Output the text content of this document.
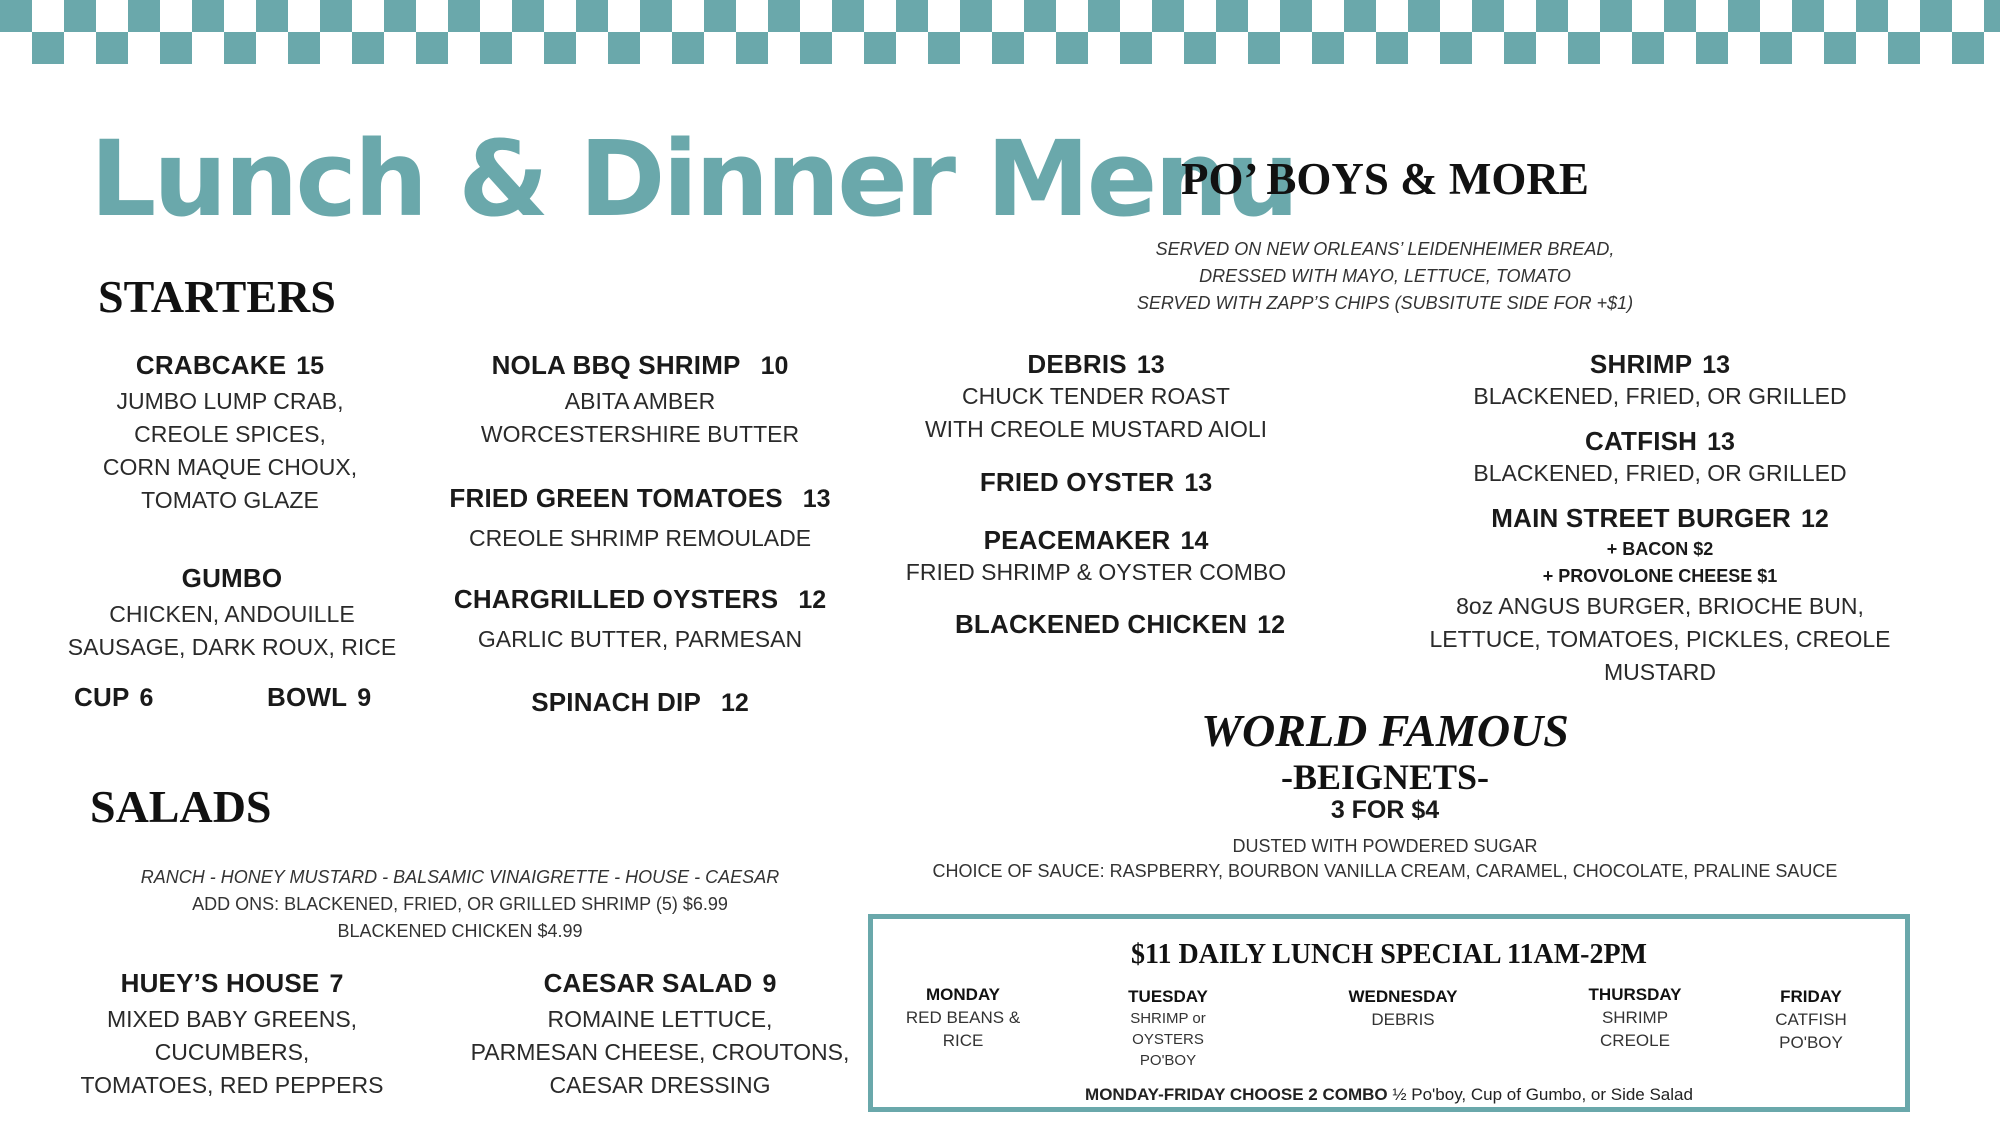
Lunch & Dinner Menu
STARTERS
CRABCAKE 15
JUMBO LUMP CRAB,
CREOLE SPICES,
CORN MAQUE CHOUX,
TOMATO GLAZE
GUMBO
CHICKEN, ANDOUILLE
SAUSAGE, DARK ROUX, RICE
CUP 6	BOWL 9
NOLA BBQ SHRIMP 10
ABITA AMBER
WORCESTERSHIRE BUTTER
FRIED GREEN TOMATOES 13
CREOLE SHRIMP REMOULADE
CHARGRILLED OYSTERS 12
GARLIC BUTTER, PARMESAN
SPINACH DIP 12
PO’ BOYS & MORE
SERVED ON NEW ORLEANS’ LEIDENHEIMER BREAD,
DRESSED WITH MAYO, LETTUCE, TOMATO
SERVED WITH ZAPP’S CHIPS (SUBSITUTE SIDE FOR +$1)
DEBRIS 13
CHUCK TENDER ROAST
WITH CREOLE MUSTARD AIOLI
FRIED OYSTER 13
PEACEMAKER 14
FRIED SHRIMP & OYSTER COMBO
BLACKENED CHICKEN 12
SHRIMP 13
BLACKENED, FRIED, OR GRILLED
CATFISH 13
BLACKENED, FRIED, OR GRILLED
MAIN STREET BURGER 12
+ BACON $2
+ PROVOLONE CHEESE $1
8oz ANGUS BURGER, BRIOCHE BUN,
LETTUCE, TOMATOES, PICKLES, CREOLE
MUSTARD
WORLD FAMOUS
-BEIGNETS-
3 FOR $4
DUSTED WITH POWDERED SUGAR
CHOICE OF SAUCE: RASPBERRY, BOURBON VANILLA CREAM, CARAMEL, CHOCOLATE, PRALINE SAUCE
SALADS
RANCH - HONEY MUSTARD - BALSAMIC VINAIGRETTE - HOUSE - CAESAR
ADD ONS: BLACKENED, FRIED, OR GRILLED SHRIMP (5) $6.99
BLACKENED CHICKEN $4.99
HUEY’S HOUSE 7
MIXED BABY GREENS,
CUCUMBERS,
TOMATOES, RED PEPPERS
CAESAR SALAD 9
ROMAINE LETTUCE,
PARMESAN CHEESE, CROUTONS,
CAESAR DRESSING
$11 DAILY LUNCH SPECIAL 11AM-2PM
MONDAY
RED BEANS &
RICE
TUESDAY
SHRIMP or
OYSTERS
PO'BOY
WEDNESDAY
DEBRIS
THURSDAY
SHRIMP
CREOLE
FRIDAY
CATFISH
PO'BOY
MONDAY-FRIDAY CHOOSE 2 COMBO ½ Po'boy, Cup of Gumbo, or Side Salad
